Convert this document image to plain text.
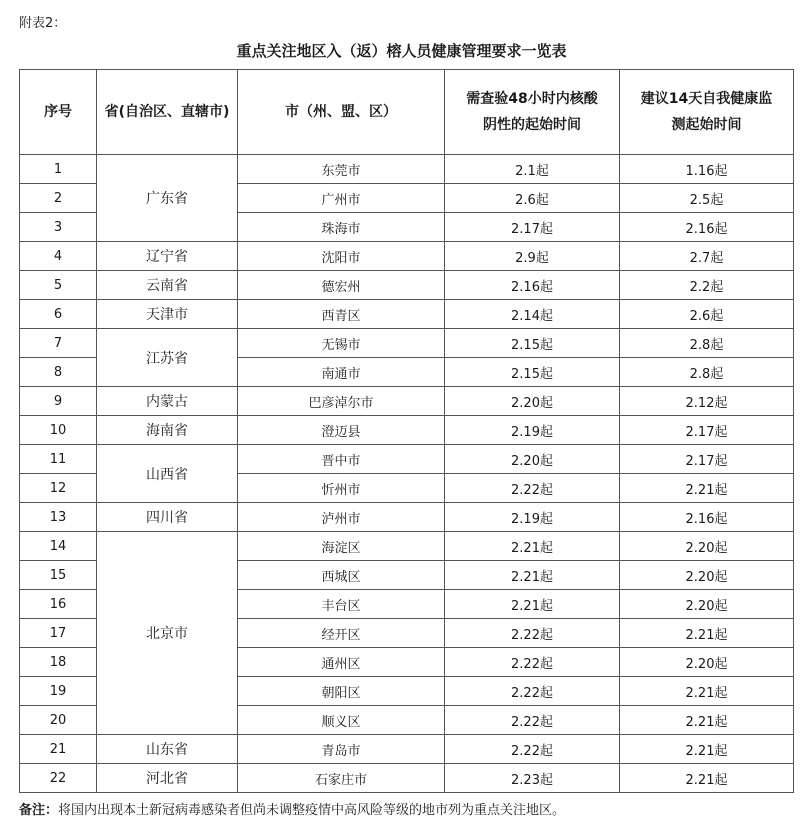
附表2：
重点关注地区入（返）榕人员健康管理要求一览表
序号	省(自治区、直辖市)	市（州、盟、区）	需查验48小时内核酸阴性的起始时间	建议14天自我健康监测起始时间
1	广东省	东莞市	2.1起	1.16起
2		广州市	2.6起	2.5起
3		珠海市	2.17起	2.16起
4	辽宁省	沈阳市	2.9起	2.7起
5	云南省	德宏州	2.16起	2.2起
6	天津市	西青区	2.14起	2.6起
7	江苏省	无锡市	2.15起	2.8起
8		南通市	2.15起	2.8起
9	内蒙古	巴彦淖尔市	2.20起	2.12起
10	海南省	澄迈县	2.19起	2.17起
11	山西省	晋中市	2.20起	2.17起
12		忻州市	2.22起	2.21起
13	四川省	泸州市	2.19起	2.16起
14	北京市	海淀区	2.21起	2.20起
15		西城区	2.21起	2.20起
16		丰台区	2.21起	2.20起
17		经开区	2.22起	2.21起
18		通州区	2.22起	2.20起
19		朝阳区	2.22起	2.21起
20		顺义区	2.22起	2.21起
21	山东省	青岛市	2.22起	2.21起
22	河北省	石家庄市	2.23起	2.21起
备注：将国内出现本土新冠病毒感染者但尚未调整疫情中高风险等级的地市列为重点关注地区。
